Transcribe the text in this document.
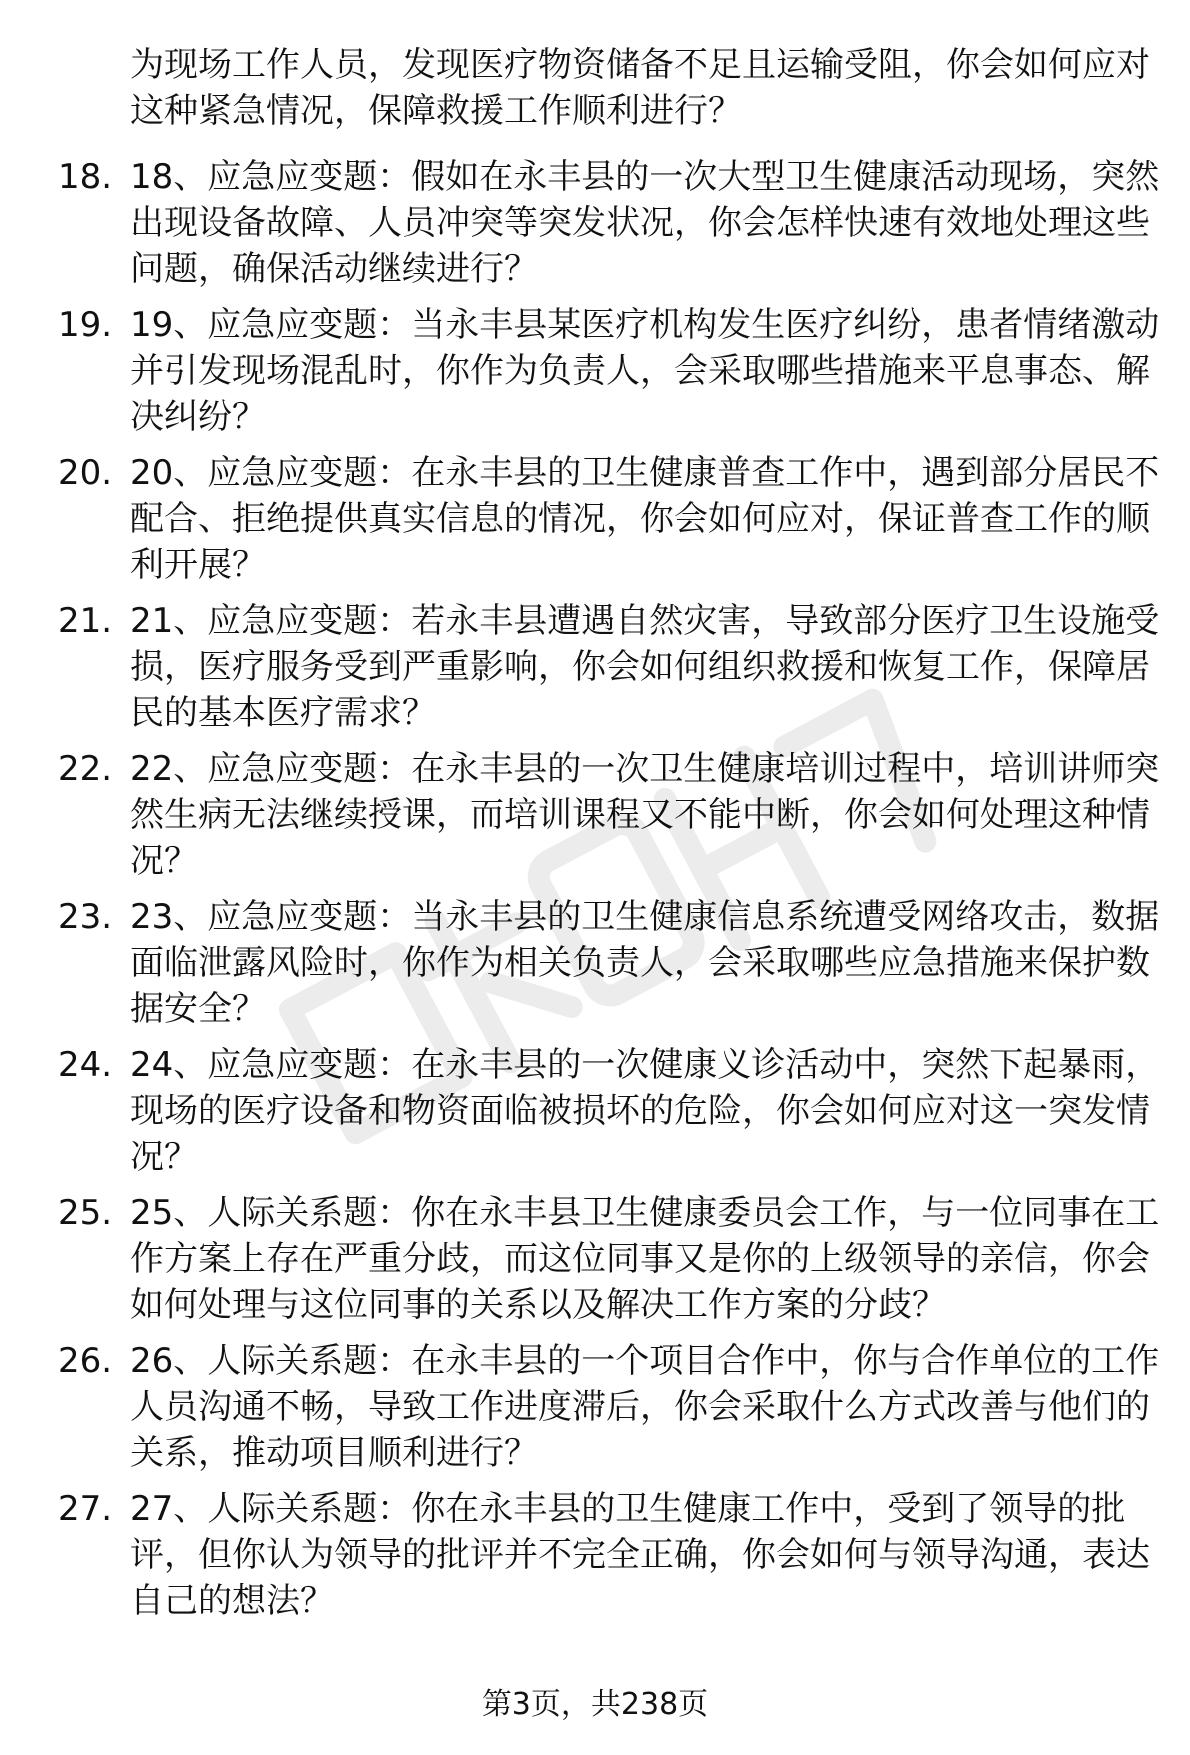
为现场工作人员，发现医疗物资储备不足且运输受阻，你会如何应对这种紧急情况，保障救援工作顺利进行？

18. 18、应急应变题：假如在永丰县的一次大型卫生健康活动现场，突然出现设备故障、人员冲突等突发状况，你会怎样快速有效地处理这些问题，确保活动继续进行？

19. 19、应急应变题：当永丰县某医疗机构发生医疗纠纷，患者情绪激动并引发现场混乱时，你作为负责人，会采取哪些措施来平息事态、解决纠纷？

20. 20、应急应变题：在永丰县的卫生健康普查工作中，遇到部分居民不配合、拒绝提供真实信息的情况，你会如何应对，保证普查工作的顺利开展？

21. 21、应急应变题：若永丰县遭遇自然灾害，导致部分医疗卫生设施受损，医疗服务受到严重影响，你会如何组织救援和恢复工作，保障居民的基本医疗需求？

22. 22、应急应变题：在永丰县的一次卫生健康培训过程中，培训讲师突然生病无法继续授课，而培训课程又不能中断，你会如何处理这种情况？

23. 23、应急应变题：当永丰县的卫生健康信息系统遭受网络攻击，数据面临泄露风险时，你作为相关负责人，会采取哪些应急措施来保护数据安全？

24. 24、应急应变题：在永丰县的一次健康义诊活动中，突然下起暴雨，现场的医疗设备和物资面临被损坏的危险，你会如何应对这一突发情况？

25. 25、人际关系题：你在永丰县卫生健康委员会工作，与一位同事在工作方案上存在严重分歧，而这位同事又是你的上级领导的亲信，你会如何处理与这位同事的关系以及解决工作方案的分歧？

26. 26、人际关系题：在永丰县的一个项目合作中，你与合作单位的工作人员沟通不畅，导致工作进度滞后，你会采取什么方式改善与他们的关系，推动项目顺利进行？

27. 27、人际关系题：你在永丰县的卫生健康工作中，受到了领导的批评，但你认为领导的批评并不完全正确，你会如何与领导沟通，表达自己的想法？

第3页，共238页
